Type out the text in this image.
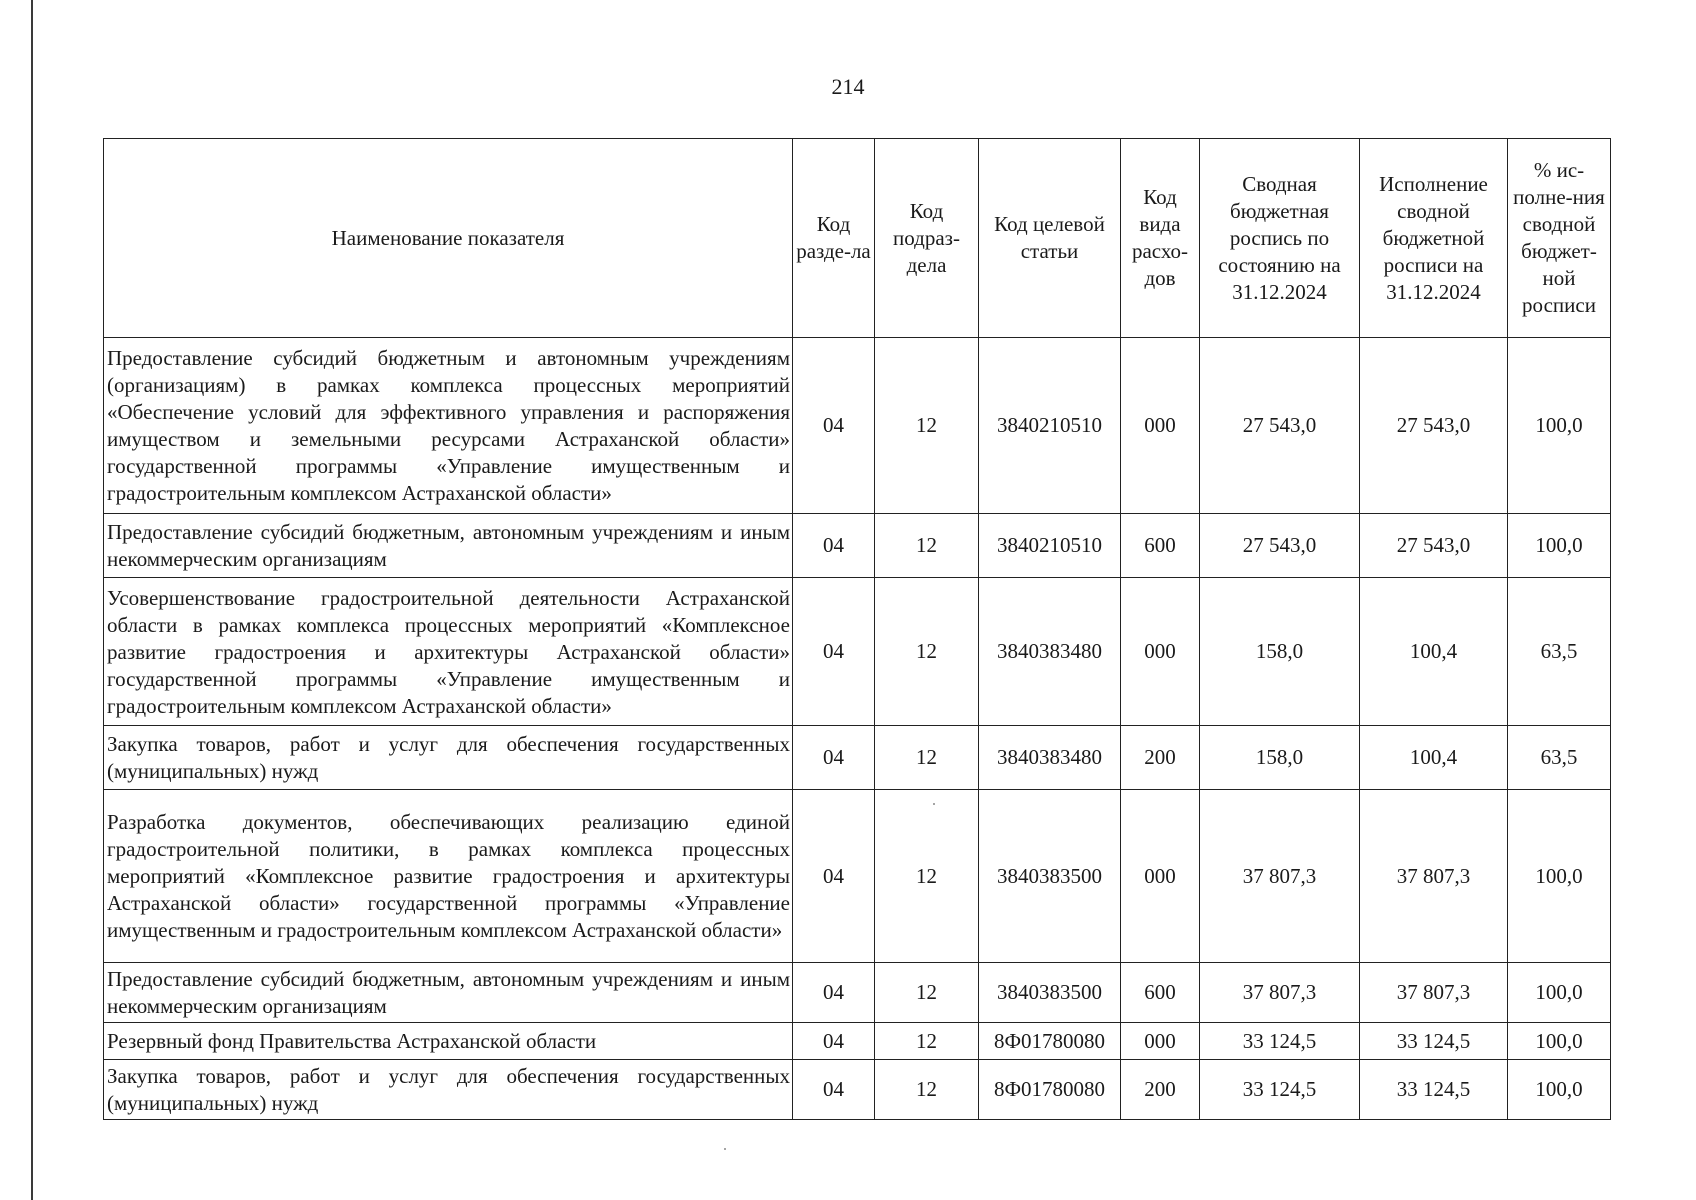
214
Наименование показателя	Код разде-ла	Код подраз-дела	Код целевой статьи	Код вида расхо-дов	Сводная бюджетная роспись по состоянию на 31.12.2024	Исполнение сводной бюджетной росписи на 31.12.2024	% ис-полне-ния сводной бюджет-ной росписи
Предоставление субсидий бюджетным и автономным учреждениям (организациям) в рамках комплекса процессных мероприятий «Обеспечение условий для эффективного управления и распоряжения имуществом и земельными ресурсами Астраханской области» государственной программы «Управление имущественным и градостроительным комплексом Астраханской области»	04	12	3840210510	000	27 543,0	27 543,0	100,0
Предоставление субсидий бюджетным, автономным учреждениям и иным некоммерческим организациям	04	12	3840210510	600	27 543,0	27 543,0	100,0
Усовершенствование градостроительной деятельности Астраханской области в рамках комплекса процессных мероприятий «Комплексное развитие градостроения и архитектуры Астраханской области» государственной программы «Управление имущественным и градостроительным комплексом Астраханской области»	04	12	3840383480	000	158,0	100,4	63,5
Закупка товаров, работ и услуг для обеспечения государственных (муниципальных) нужд	04	12	3840383480	200	158,0	100,4	63,5
Разработка документов, обеспечивающих реализацию единой градостроительной политики, в рамках комплекса процессных мероприятий «Комплексное развитие градостроения и архитектуры Астраханской области» государственной программы «Управление имущественным и градостроительным комплексом Астраханской области»	04	12	3840383500	000	37 807,3	37 807,3	100,0
Предоставление субсидий бюджетным, автономным учреждениям и иным некоммерческим организациям	04	12	3840383500	600	37 807,3	37 807,3	100,0
Резервный фонд Правительства Астраханской области	04	12	8Ф01780080	000	33 124,5	33 124,5	100,0
Закупка товаров, работ и услуг для обеспечения государственных (муниципальных) нужд	04	12	8Ф01780080	200	33 124,5	33 124,5	100,0
